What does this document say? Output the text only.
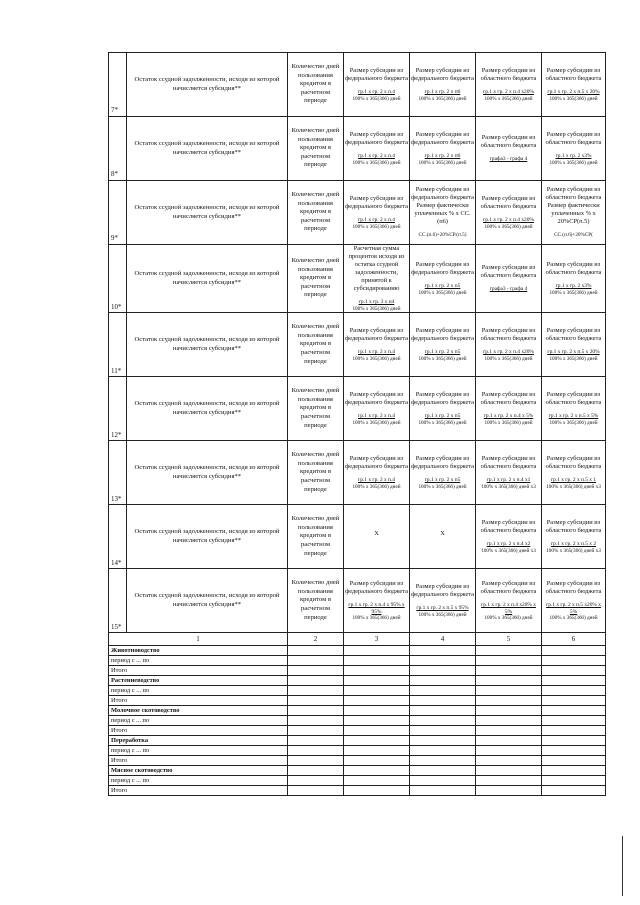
7*	Остаток ссудной задолженности, исходя из которой начисляется субсидия**	Количество дней пользования кредитом в расчетном периоде	Размер субсидии из федерального бюджета
гр.1 х гр. 2 х п.4
100% х 365(366) дней	Размер субсидии из федерального бюджета
гр.1 х гр. 2 х п6
100% х 365(366) дней	Размер субсидии из областного бюджета
гр.1 х гр. 2 х п.4 х20%
100% х 365(366) дней	Размер субсидии из областного бюджета
гр.1 х гр. 2 х п.5 х 20%
100% х 365(366) дней

8*	Остаток ссудной задолженности, исходя из которой начисляется субсидия**	Количество дней пользования кредитом в расчетном периоде	Размер субсидии из федерального бюджета
гр.1 х гр. 2 х п.4
100% х 365(366) дней	Размер субсидии из федерального бюджета
гр.1 х гр. 2 х п6
100% х 365(366) дней	Размер субсидии из областного бюджета
графа3 - графа 4	Размер субсидии из областного бюджета
гр.1 х гр. 2 х3%
100% х 365(366) дней

9*	Остаток ссудной задолженности, исходя из которой начисляется субсидия**	Количество дней пользования кредитом в расчетном периоде	Размер субсидии из федерального бюджета
гр.1 х гр. 2 х п.4
100% х 365(366) дней	Размер субсидии из федерального бюджета Размер фактически уплаченных % х СС.(п6)
СС.(п.6)+20%СР.(п.5)	Размер субсидии из областного бюджета
гр.1 х гр. 2 х п.4 х20%
100% х 365(366) дней	Размер субсидии из областного бюджета Размер фактически уплаченных % х 20%СР(п.5)
СС.(п.6)+20%СР(

10*	Остаток ссудной задолженности, исходя из которой начисляется субсидия**	Количество дней пользования кредитом в расчетном периоде	Расчетная сумма процентов исходя из остатка ссудной задолженности, принятой к субсидированию
гр.1 х гр. 3 х п4
100% х 365(366) дней	Размер субсидии из федерального бюджета
гр.1 х гр. 2 х п5
100% х 365(366) дней	Размер субсидии из областного бюджета
графа3 - графа 4	Размер субсидии из областного бюджета
гр.1 х гр. 2 х3%
100% х 365(366) дней

11*	Остаток ссудной задолженности, исходя из которой начисляется субсидия**	Количество дней пользования кредитом в расчетном периоде	Размер субсидии из федерального бюджета
гр.1 х гр. 2 х п.4
100% х 365(366) дней	Размер субсидии из федерального бюджета
гр.1 х гр. 2 х п5
100% х 365(366) дней	Размер субсидии из областного бюджета
гр.1 х гр. 2 х п.4 х20%
100% х 365(366) дней	Размер субсидии из областного бюджета
гр.1 х гр. 2 х п.5 х 20%
100% х 365(366) дней

12*	Остаток ссудной задолженности, исходя из которой начисляется субсидия**	Количество дней пользования кредитом в расчетном периоде	Размер субсидии из федерального бюджета
гр.1 х гр. 2 х п.4
100% х 365(366) дней	Размер субсидии из федерального бюджета
гр.1 х гр. 2 х п5
100% х 365(366) дней	Размер субсидии из областного бюджета
гр.1 х гр. 2 х п.4 х 5%
100% х 365(366) дней	Размер субсидии из областного бюджета
гр.1 х гр. 2 х п.5 х 5%
100% х 365(366) дней

13*	Остаток ссудной задолженности, исходя из которой начисляется субсидия**	Количество дней пользования кредитом в расчетном периоде	Размер субсидии из федерального бюджета
гр.1 х гр. 2 х п.4
100% х 365(366) дней	Размер субсидии из федерального бюджета
гр.1 х гр. 2 х п5
100% х 365(366) дней	Размер субсидии из областного бюджета
гр.1 х гр. 2 х п.4 х1
100% х 365(366) дней х3	Размер субсидии из областного бюджета
гр.1 х гр. 2 х п.5 х 1
100% х 365(366) дней х3

14*	Остаток ссудной задолженности, исходя из которой начисляется субсидия**	Количество дней пользования кредитом в расчетном периоде	Х	Х	Размер субсидии из областного бюджета
гр.1 х гр. 2 х п.4 х2
100% х 365(366) дней х3	Размер субсидии из областного бюджета
гр.1 х гр. 2 х п.5 х 2
100% х 365(366) дней х3

15*	Остаток ссудной задолженности, исходя из которой начисляется субсидия**	Количество дней пользования кредитом в расчетном периоде	Размер субсидии из федерального бюджета
гр.1 х гр. 2 х п.4 х 95% х 95%
100% х 365(366) дней	Размер субсидии из федерального бюджета
гр.1 х гр. 2 х п.5 х 95%
100% х 365(366) дней	Размер субсидии из областного бюджета
гр.1 х гр. 2 х п.4 х20% х 5%
100% х 365(366) дней	Размер субсидии из областного бюджета
гр.1 х гр. 2 х п.5 х20% х 5%
100% х 365(366) дней

1		2	3	4	5	6
Животноводство						
период с ... по						
Итого						
Растениеводство						
период с ... по						
Итого						
Молочное скотоводство						
период с ... по						
Итого						
Переработка						
период с ... по						
Итого						
Мясное скотоводство						
период с ... по						
Итого						
